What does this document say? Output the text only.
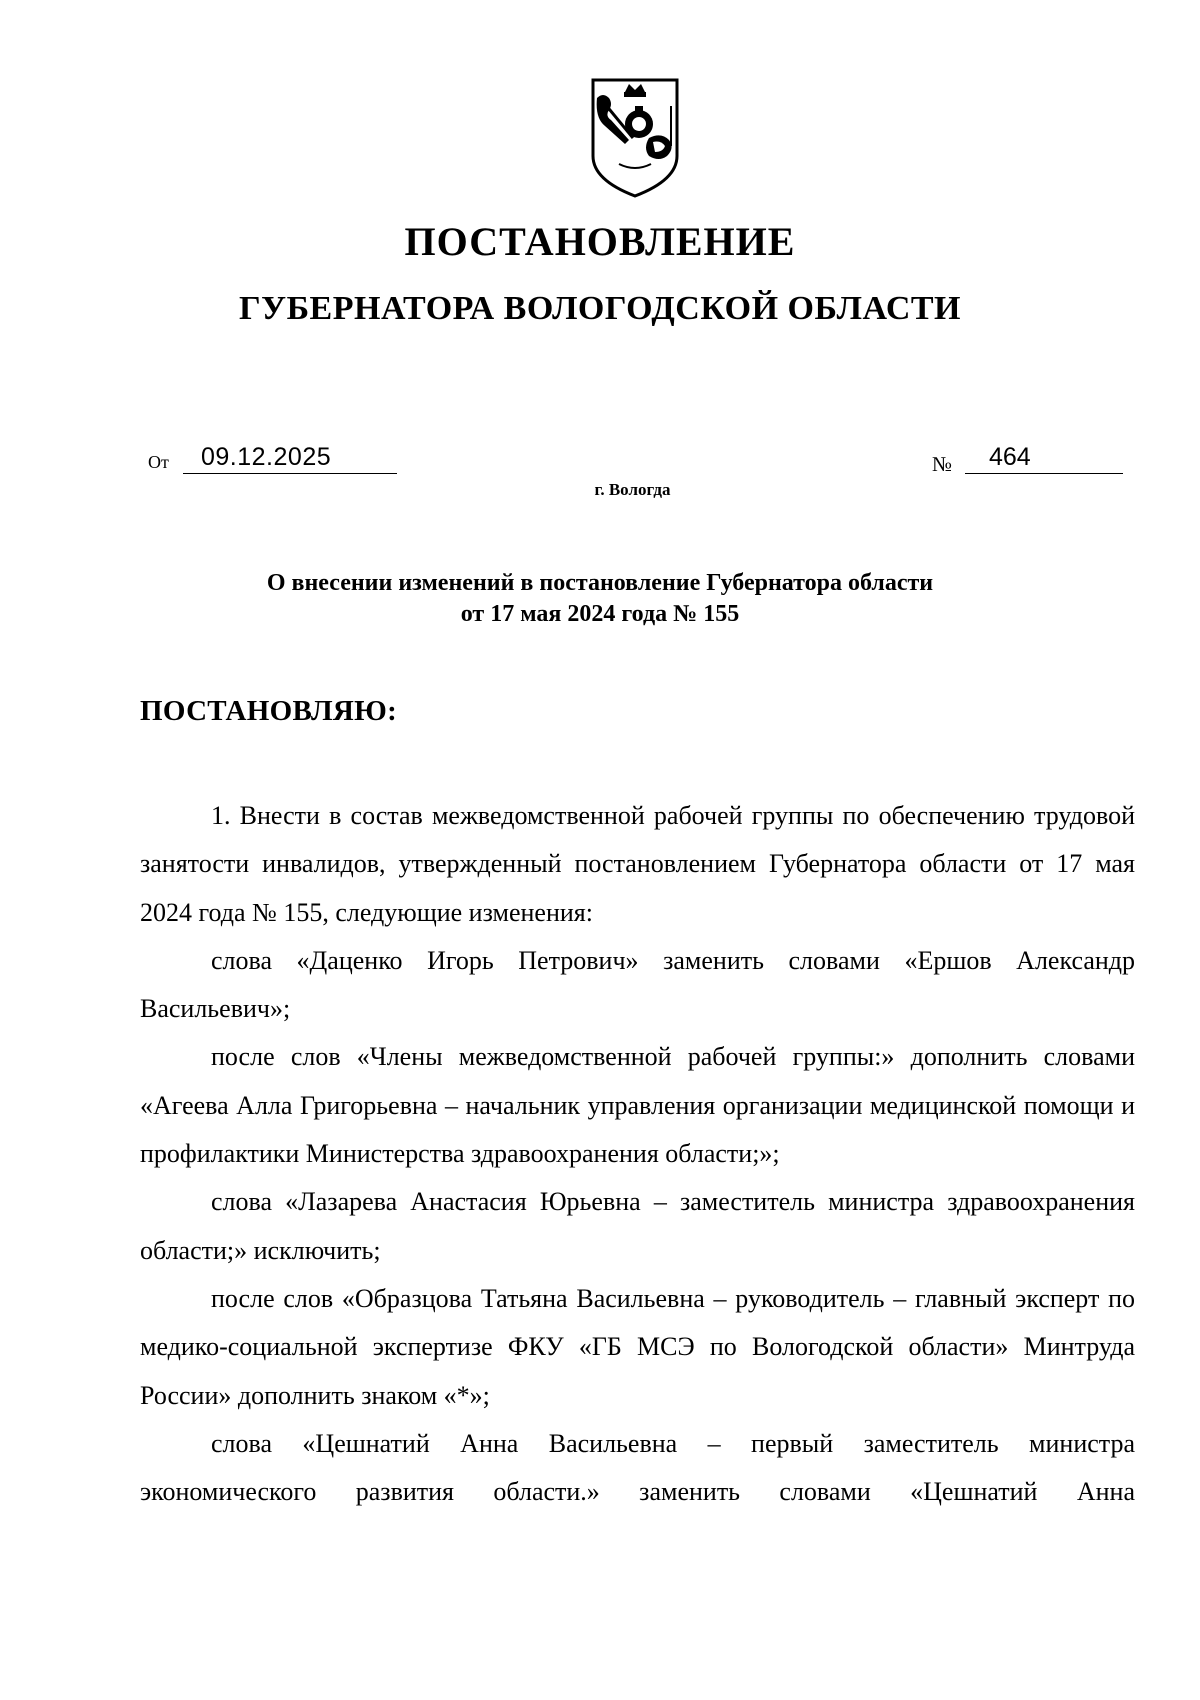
ПОСТАНОВЛЕНИЕ
ГУБЕРНАТОРА ВОЛОГОДСКОЙ ОБЛАСТИ
От 09.12.2025	№ 464
г. Вологда
О внесении изменений в постановление Губернатора области
от 17 мая 2024 года № 155
ПОСТАНОВЛЯЮ:

1. Внести в состав межведомственной рабочей группы по обеспечению трудовой занятости инвалидов, утвержденный постановлением Губернатора области от 17 мая 2024 года № 155, следующие изменения:

слова «Даценко Игорь Петрович» заменить словами «Ершов Александр Васильевич»;

после слов «Члены межведомственной рабочей группы:» дополнить словами «Агеева Алла Григорьевна – начальник управления организации медицинской помощи и профилактики Министерства здравоохранения области;»;

слова «Лазарева Анастасия Юрьевна – заместитель министра здравоохранения области;» исключить;

после слов «Образцова Татьяна Васильевна – руководитель – главный эксперт по медико-социальной экспертизе ФКУ «ГБ МСЭ по Вологодской области» Минтруда России» дополнить знаком «*»;

слова «Цешнатий Анна Васильевна – первый заместитель министра экономического развития области.» заменить словами «Цешнатий Анна
